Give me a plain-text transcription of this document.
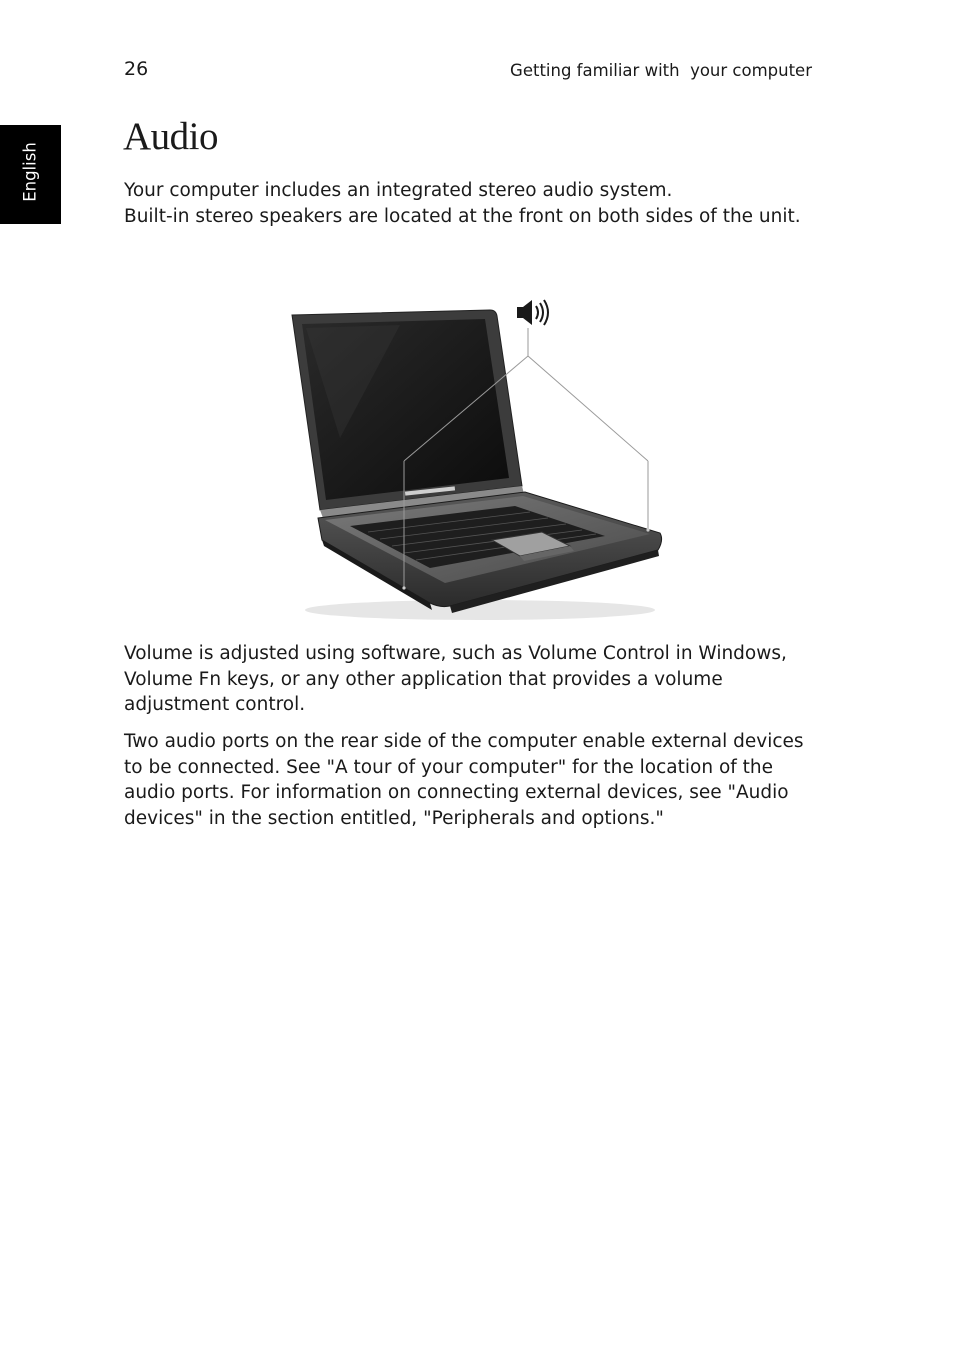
26	Getting familiar with  your computer
English
Audio
Your computer includes an integrated stereo audio system.
Built-in stereo speakers are located at the front on both sides of the unit.

Volume is adjusted using software, such as Volume Control in Windows, Volume Fn keys, or any other application that provides a volume adjustment control.

Two audio ports on the rear side of the computer enable external devices to be connected. See "A tour of your computer" for the location of the audio ports. For information on connecting external devices, see "Audio devices" in the section entitled, "Peripherals and options."
